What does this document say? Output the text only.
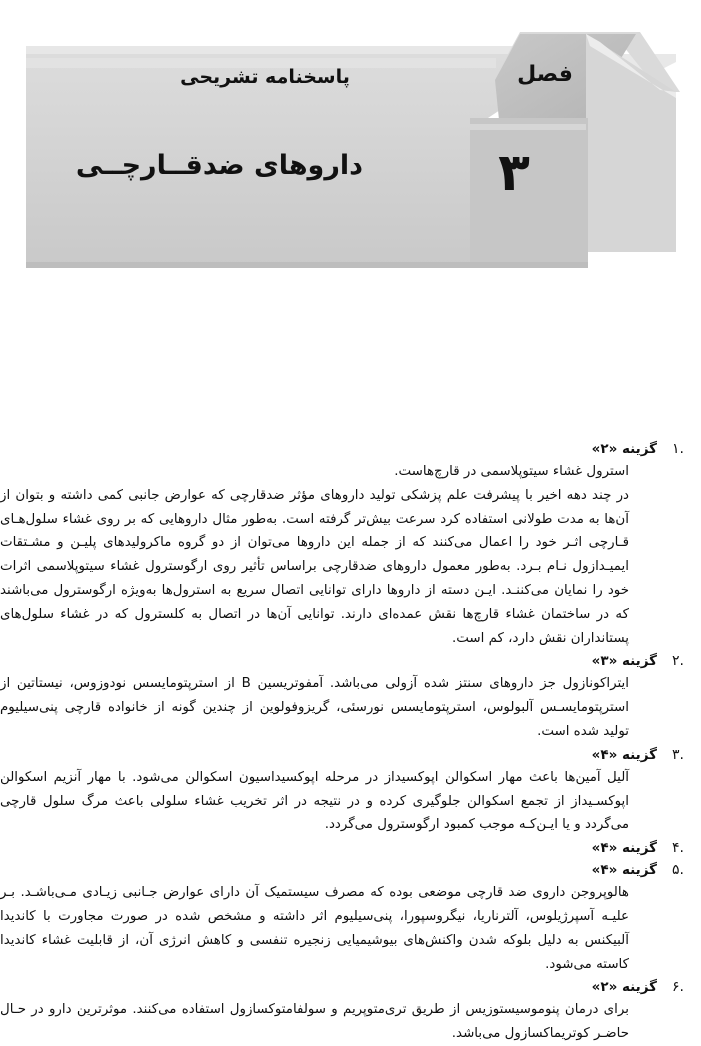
فصل
۳
پاسخنامه تشریحی
داروهای ضدقــارچــی
۱.
گزینه «۲»

استرول غشاء سیتوپلاسمی در قارچ‌هاست.

در چند دهه اخیر با پیشرفت علم پزشکی تولید داروهای مؤثر ضدقارچی که عوارض جانبی کمی داشته و بتوان از آن‌ها به مدت طولانی استفاده کرد سرعت بیش‌تر گرفته است. به‌طور مثال داروهایی که بر روی غشاء سلول‌هـای قـارچی اثـر خود را اعمال می‌کنند که از جمله این داروها می‌توان از دو گروه ماکرولیدهای پلیـن و مشـتقات ایمیـدازول نـام بـرد. به‌طور معمول داروهای ضدقارچی براساس تأثیر روی ارگوسترول غشاء سیتوپلاسمی اثرات خود را نمایان می‌کننـد. ایـن دسته از داروها دارای توانایی اتصال سریع به استرول‌ها به‌ویژه ارگوسترول می‌باشند که در ساختمان غشاء قارچ‌ها نقش عمده‌ای دارند. توانایی آن‌ها در اتصال به کلسترول که در غشاء سلول‌های پستانداران نقش دارد، کم است.

۲.
گزینه «۳»

ایتراکونازول جز داروهای سنتز شده آزولی می‌باشد. آمفوتریسین B از استرپتومایسس نودوزوس، نیستاتین از استرپتومایسـس آلبولوس، استرپتومایسس نورسئی، گریزوفولوین از چندین گونه از خانواده قارچی پنی‌سیلیوم تولید شده است.

۳.
گزینه «۴»

آلیل آمین‌ها باعث مهار اسکوالن اپوکسیداز در مرحله اپوکسیداسیون اسکوالن می‌شود. با مهار آنزیم اسکوالن اپوکسـیداز از تجمع اسکوالن جلوگیری کرده و در نتیجه در اثر تخریب غشاء سلولی باعث مرگ سلول قارچی می‌گردد و یا ایـن‌کـه موجب کمبود ارگوسترول می‌گردد.

۴.
گزینه «۴»
۵.
گزینه «۴»

هالوپروجن داروی ضد قارچی موضعی بوده که مصرف سیستمیک آن دارای عوارض جـانبی زیـادی مـی‌باشـد. بـر علیـه آسپرژیلوس، آلترناریا، نیگروسپورا، پنی‌سیلیوم اثر داشته و مشخص شده در صورت مجاورت با کاندیدا آلبیکنس به دلیل بلوکه شدن واکنش‌های بیوشیمیایی زنجیره تنفسی و کاهش انرژی آن، از قابلیت غشاء کاندیدا کاسته می‌شود.

۶.
گزینه «۲»

برای درمان پنوموسیستوزیس از طریق تری‌متوپریم و سولفامتوکسازول استفاده می‌کنند. موثرترین دارو در حـال حاضـر کوتریماکسازول می‌باشد.
